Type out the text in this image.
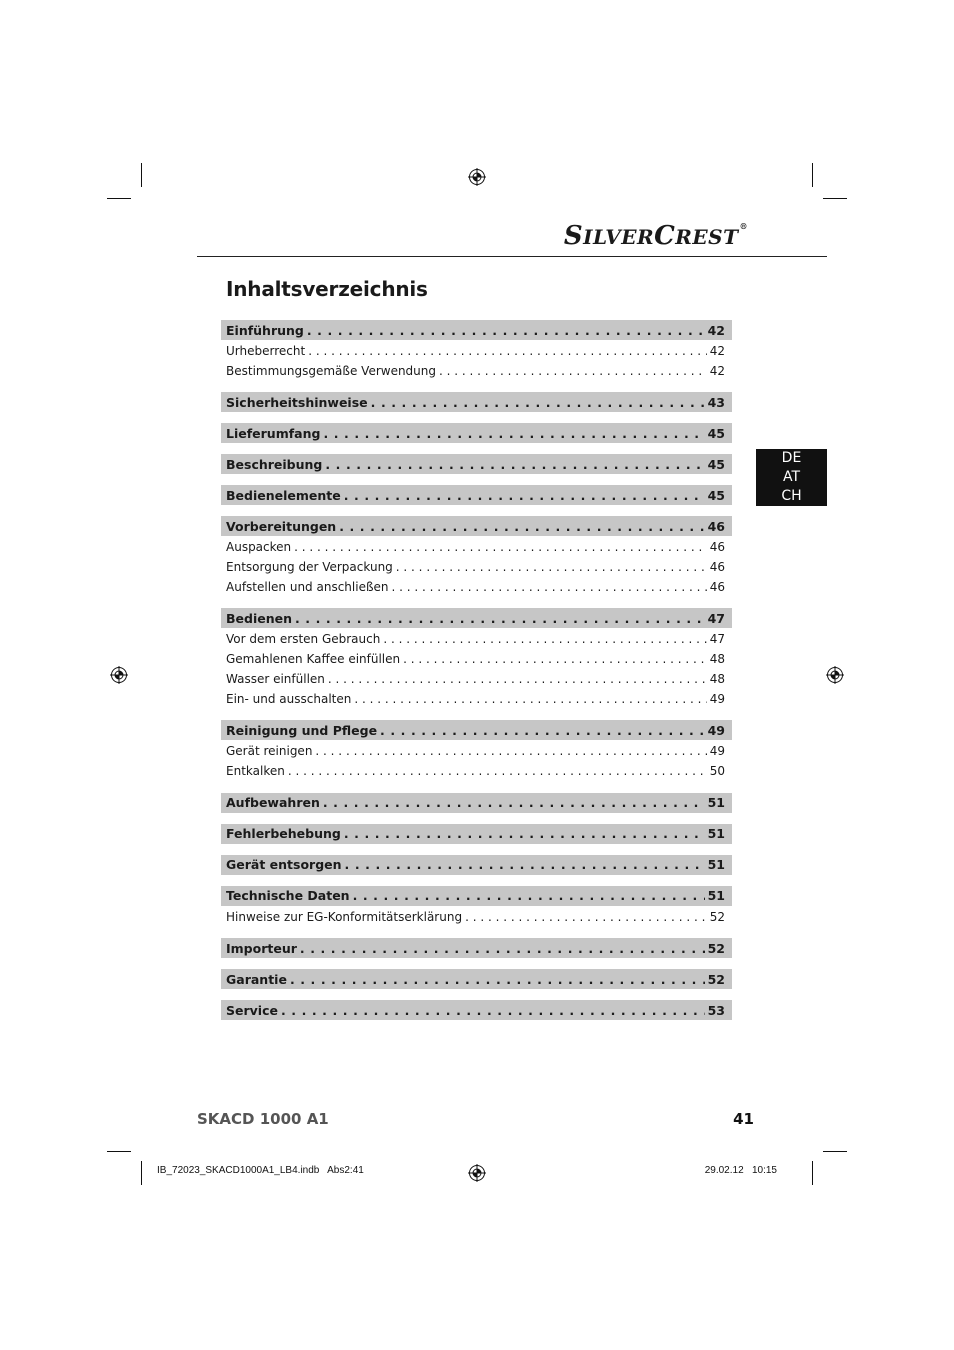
SILVERCREST®
Inhaltsverzeichnis
Einführung . . .	42
Urheberrecht . . .	42
Bestimmungsgemäße Verwendung . . .	42
Sicherheitshinweise . . .	43
Lieferumfang . . .	45
Beschreibung . . .	45
Bedienelemente . . .	45
Vorbereitungen . . .	46
Auspacken . . .	46
Entsorgung der Verpackung . . .	46
Aufstellen und anschließen . . .	46
Bedienen . . .	47
Vor dem ersten Gebrauch . . .	47
Gemahlenen Kaffee einfüllen . . .	48
Wasser einfüllen . . .	48
Ein- und ausschalten . . .	49
Reinigung und Pflege . . .	49
Gerät reinigen . . .	49
Entkalken . . .	50
Aufbewahren . . .	51
Fehlerbehebung . . .	51
Gerät entsorgen . . .	51
Technische Daten . . .	51
Hinweise zur EG-Konformitätserklärung . . .	52
Importeur . . .	52
Garantie . . .	52
Service . . .	53
DE
AT
CH
SKACD 1000 A1	41
IB_72023_SKACD1000A1_LB4.indb   Abs2:41	29.02.12   10:15
